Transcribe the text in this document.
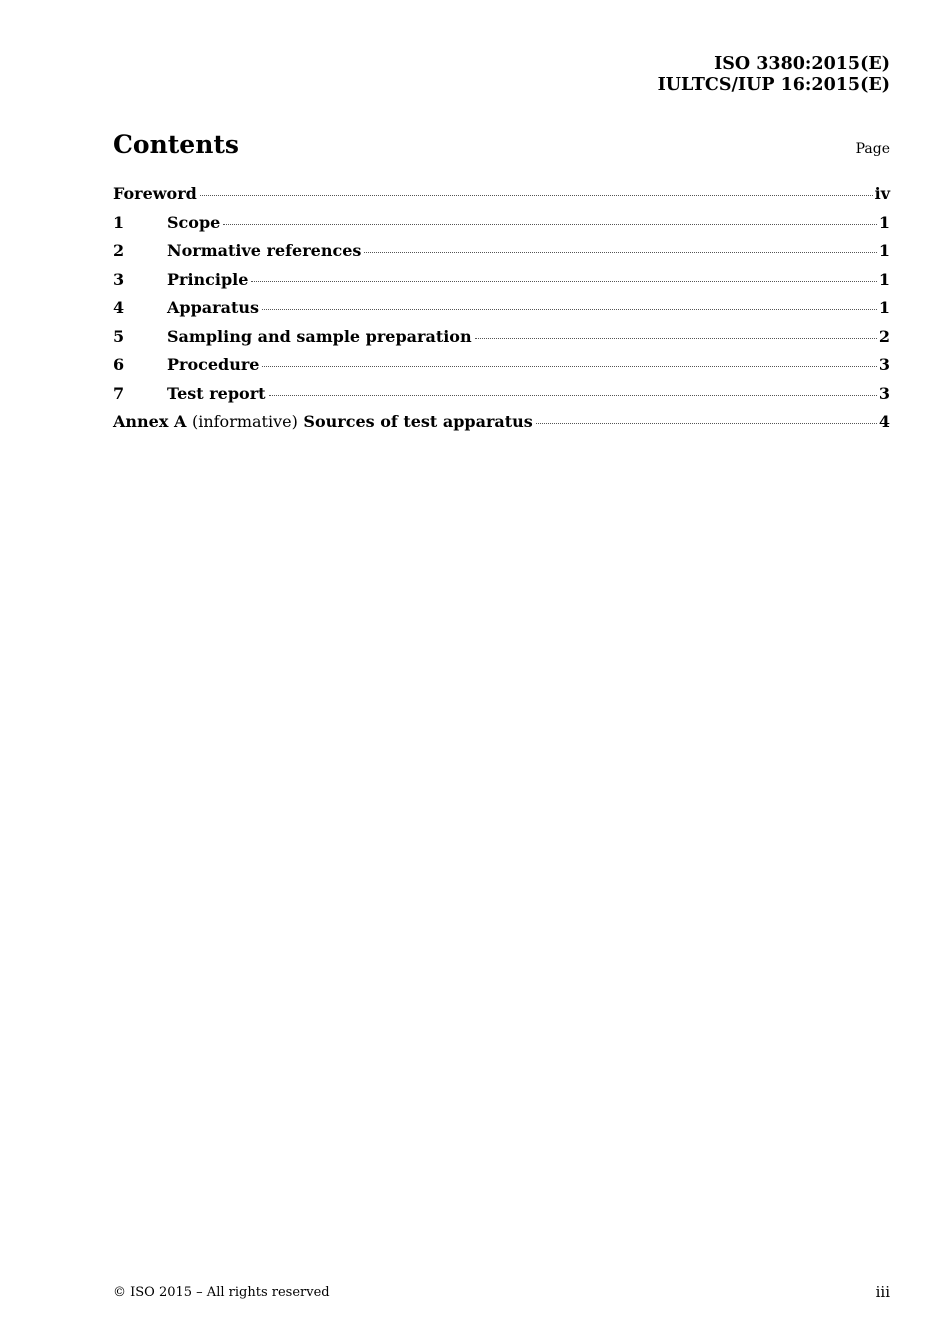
ISO 3380:2015(E)
IULTCS/IUP 16:2015(E)
Contents	Page
Foreword	iv
1	Scope	1
2	Normative references	1
3	Principle	1
4	Apparatus	1
5	Sampling and sample preparation	2
6	Procedure	3
7	Test report	3
Annex A (informative) Sources of test apparatus	4
© ISO 2015 – All rights reserved	iii
